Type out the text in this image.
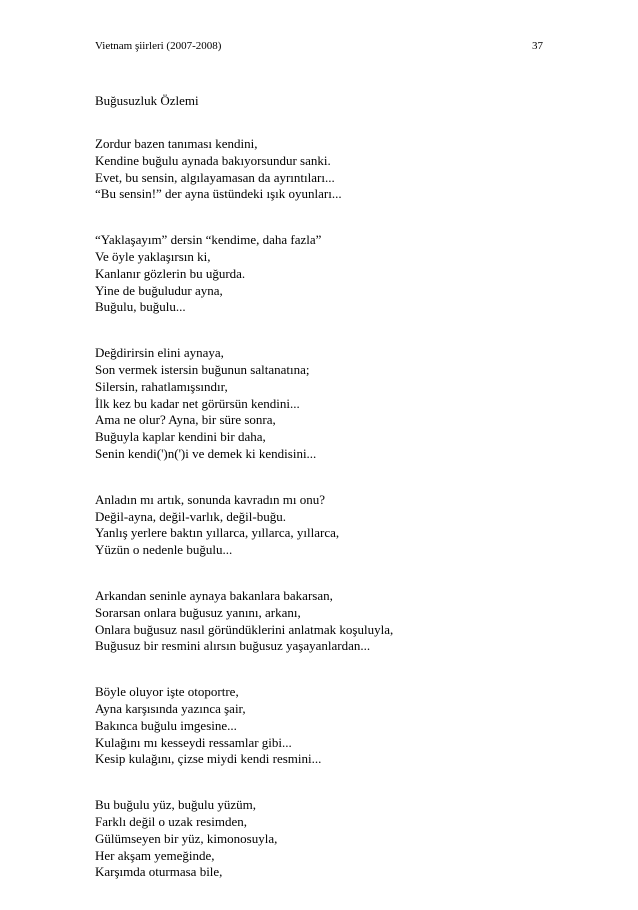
Vietnam şiirleri (2007-2008)	37
Buğusuzluk Özlemi
Zordur bazen tanıması kendini,
Kendine buğulu aynada bakıyorsundur sanki.
Evet, bu sensin, algılayamasan da ayrıntıları...
“Bu sensin!” der ayna üstündeki ışık oyunları...
“Yaklaşayım” dersin “kendime, daha fazla”
Ve öyle yaklaşırsın ki,
Kanlanır gözlerin bu uğurda.
Yine de buğuludur ayna,
Buğulu, buğulu...
Değdirirsin elini aynaya,
Son vermek istersin buğunun saltanatına;
Silersin, rahatlamışsındır,
İlk kez bu kadar net görürsün kendini...
Ama ne olur? Ayna, bir süre sonra,
Buğuyla kaplar kendini bir daha,
Senin kendi(')n(')i ve demek ki kendisini...
Anladın mı artık, sonunda kavradın mı onu?
Değil-ayna, değil-varlık, değil-buğu.
Yanlış yerlere baktın yıllarca, yıllarca, yıllarca,
Yüzün o nedenle buğulu...
Arkandan seninle aynaya bakanlara bakarsan,
Sorarsan onlara buğusuz yanını, arkanı,
Onlara buğusuz nasıl göründüklerini anlatmak koşuluyla,
Buğusuz bir resmini alırsın buğusuz yaşayanlardan...
Böyle oluyor işte otoportre,
Ayna karşısında yazınca şair,
Bakınca buğulu imgesine...
Kulağını mı kesseydi ressamlar gibi...
Kesip kulağını, çizse miydi kendi resmini...
Bu buğulu yüz, buğulu yüzüm,
Farklı değil o uzak resimden,
Gülümseyen bir yüz, kimonosuyla,
Her akşam yemeğinde,
Karşımda oturmasa bile,
